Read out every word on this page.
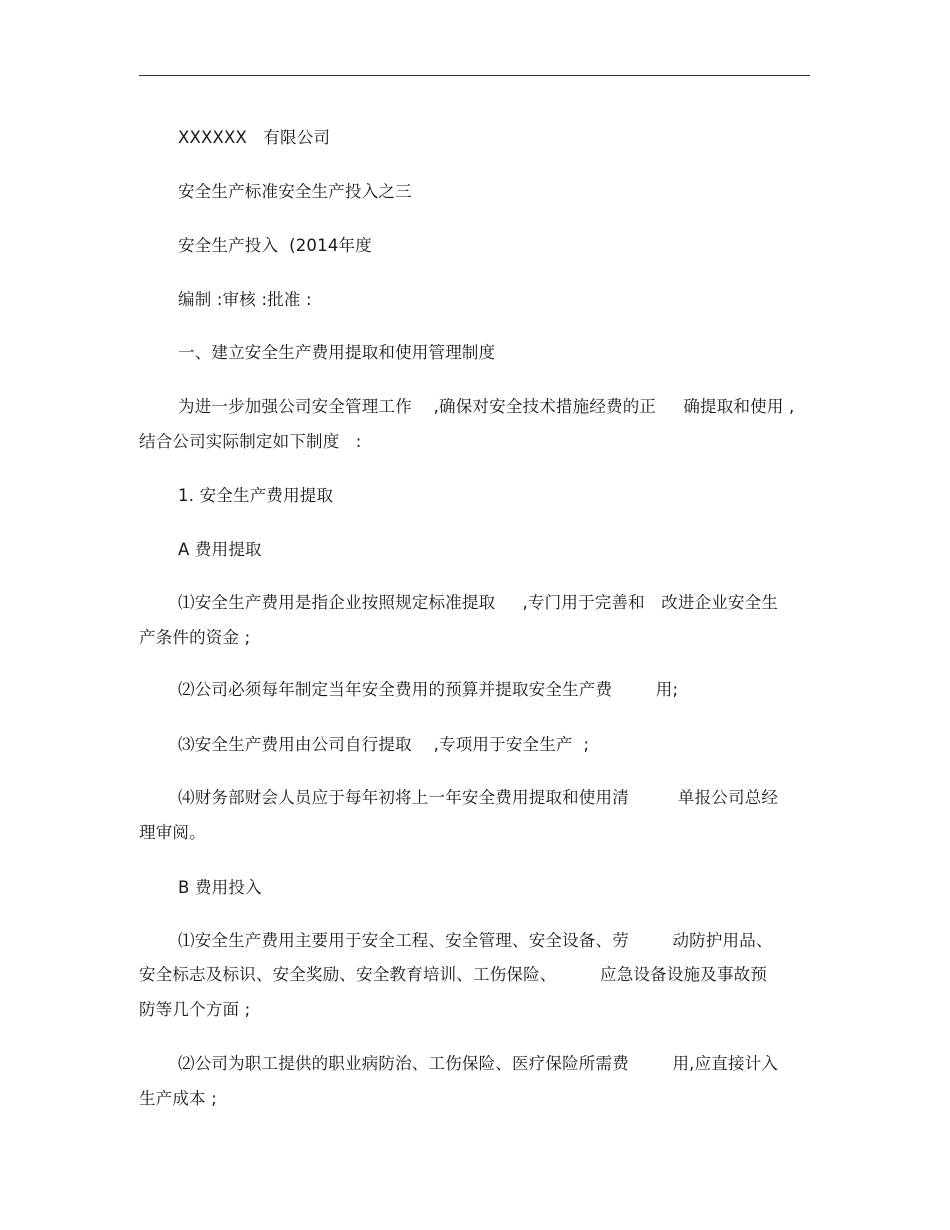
XXXXXX   有限公司
安全生产标准安全生产投入之三
安全生产投入  (2014年度
编制 :审核 :批准 :
一、建立安全生产费用提取和使用管理制度
为进一步加强公司安全管理工作    ,确保对安全技术措施经费的正     确提取和使用 ,
结合公司实际制定如下制度   :
1. 安全生产费用提取
A 费用提取
⑴安全生产费用是指企业按照规定标准提取     ,专门用于完善和   改进企业安全生
产条件的资金 ;
⑵公司必须每年制定当年安全费用的预算并提取安全生产费        用;
⑶安全生产费用由公司自行提取    ,专项用于安全生产  ;
⑷财务部财会人员应于每年初将上一年安全费用提取和使用清         单报公司总经
理审阅。
B 费用投入
⑴安全生产费用主要用于安全工程、安全管理、安全设备、劳        动防护用品、
安全标志及标识、安全奖励、安全教育培训、工伤保险、        应急设备设施及事故预
防等几个方面 ;
⑵公司为职工提供的职业病防治、工伤保险、医疗保险所需费        用,应直接计入
生产成本 ;
